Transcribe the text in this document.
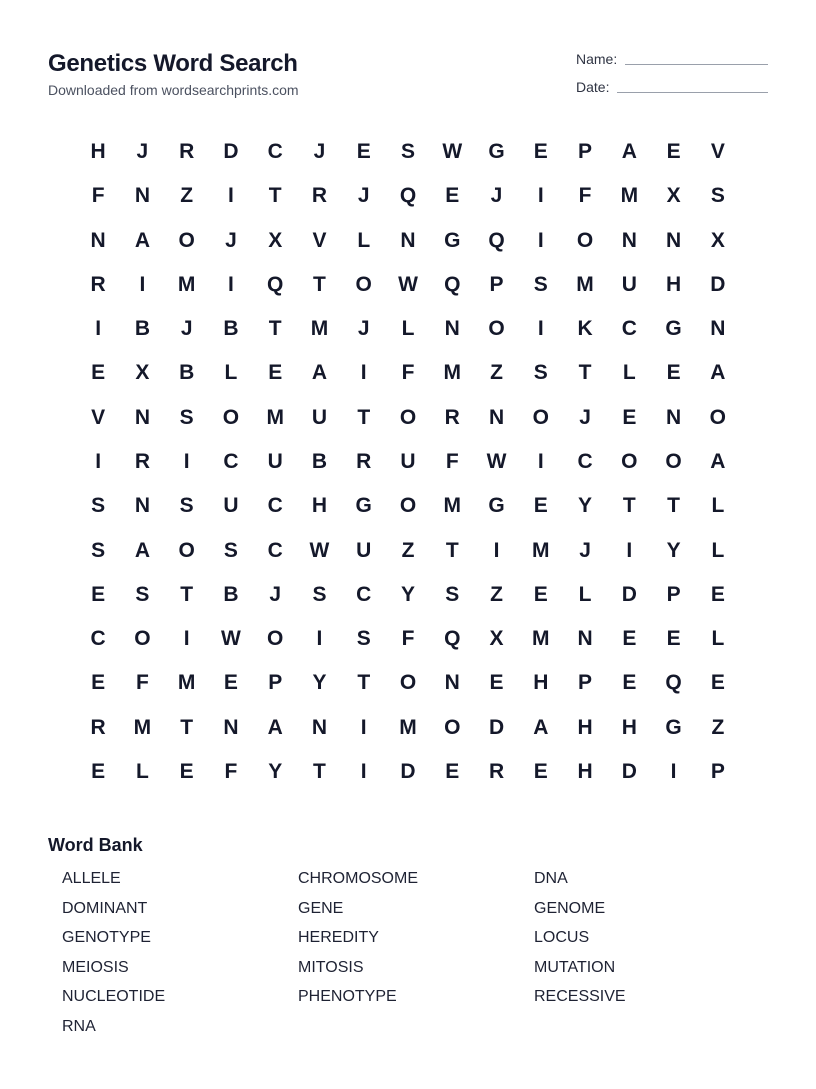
Genetics Word Search
Downloaded from wordsearchprints.com
Name:
Date:
H	J	R	D	C	J	E	S	W	G	E	P	A	E	V
F	N	Z	I	T	R	J	Q	E	J	I	F	M	X	S
N	A	O	J	X	V	L	N	G	Q	I	O	N	N	X
R	I	M	I	Q	T	O	W	Q	P	S	M	U	H	D
I	B	J	B	T	M	J	L	N	O	I	K	C	G	N
E	X	B	L	E	A	I	F	M	Z	S	T	L	E	A
V	N	S	O	M	U	T	O	R	N	O	J	E	N	O
I	R	I	C	U	B	R	U	F	W	I	C	O	O	A
S	N	S	U	C	H	G	O	M	G	E	Y	T	T	L
S	A	O	S	C	W	U	Z	T	I	M	J	I	Y	L
E	S	T	B	J	S	C	Y	S	Z	E	L	D	P	E
C	O	I	W	O	I	S	F	Q	X	M	N	E	E	L
E	F	M	E	P	Y	T	O	N	E	H	P	E	Q	E
R	M	T	N	A	N	I	M	O	D	A	H	H	G	Z
E	L	E	F	Y	T	I	D	E	R	E	H	D	I	P
Word Bank
ALLELE	CHROMOSOME	DNA
DOMINANT	GENE	GENOME
GENOTYPE	HEREDITY	LOCUS
MEIOSIS	MITOSIS	MUTATION
NUCLEOTIDE	PHENOTYPE	RECESSIVE
RNA
